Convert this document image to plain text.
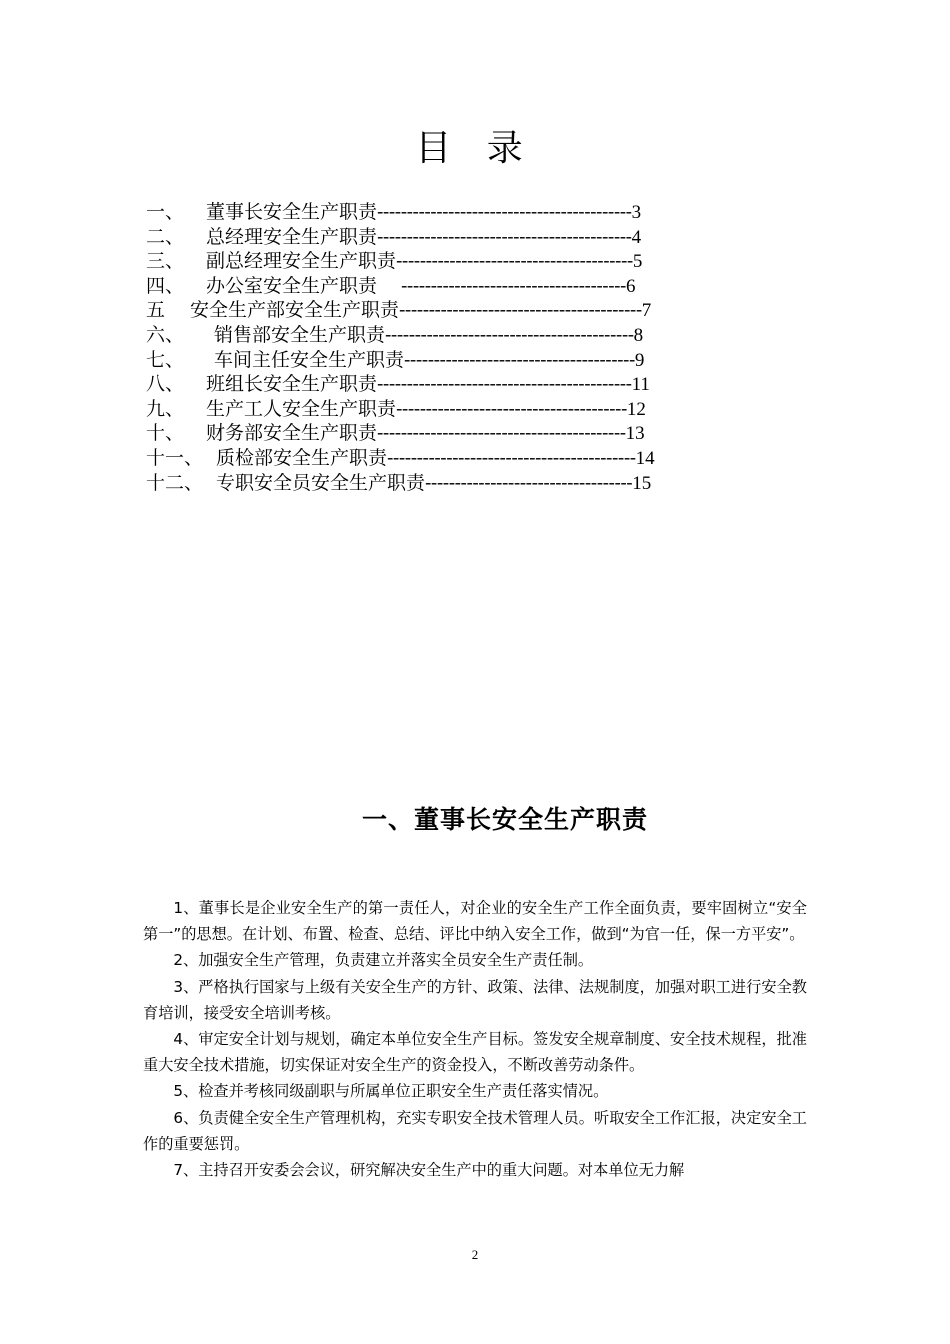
目 录
一、 董事长安全生产职责-------------------------------------------3
二、 总经理安全生产职责-------------------------------------------4
三、 副总经理安全生产职责----------------------------------------5
四、 办公室安全生产职责 --------------------------------------6
五 安全生产部安全生产职责-----------------------------------------7
六、 销售部安全生产职责------------------------------------------8
七、 车间主任安全生产职责---------------------------------------9
八、 班组长安全生产职责-------------------------------------------11
九、 生产工人安全生产职责---------------------------------------12
十、 财务部安全生产职责------------------------------------------13
十一、 质检部安全生产职责------------------------------------------14
十二、 专职安全员安全生产职责-----------------------------------15
一、董事长安全生产职责

1、董事长是企业安全生产的第一责任人，对企业的安全生产工作全面负责，要牢固树立“安全第一”的思想。在计划、布置、检查、总结、评比中纳入安全工作，做到“为官一任，保一方平安”。

2、加强安全生产管理，负责建立并落实全员安全生产责任制。

3、严格执行国家与上级有关安全生产的方针、政策、法律、法规制度，加强对职工进行安全教育培训，接受安全培训考核。

4、审定安全计划与规划，确定本单位安全生产目标。签发安全规章制度、安全技术规程，批准重大安全技术措施，切实保证对安全生产的资金投入，不断改善劳动条件。

5、检查并考核同级副职与所属单位正职安全生产责任落实情况。

6、负责健全安全生产管理机构，充实专职安全技术管理人员。听取安全工作汇报，决定安全工作的重要惩罚。

7、主持召开安委会会议，研究解决安全生产中的重大问题。对本单位无力解

2
